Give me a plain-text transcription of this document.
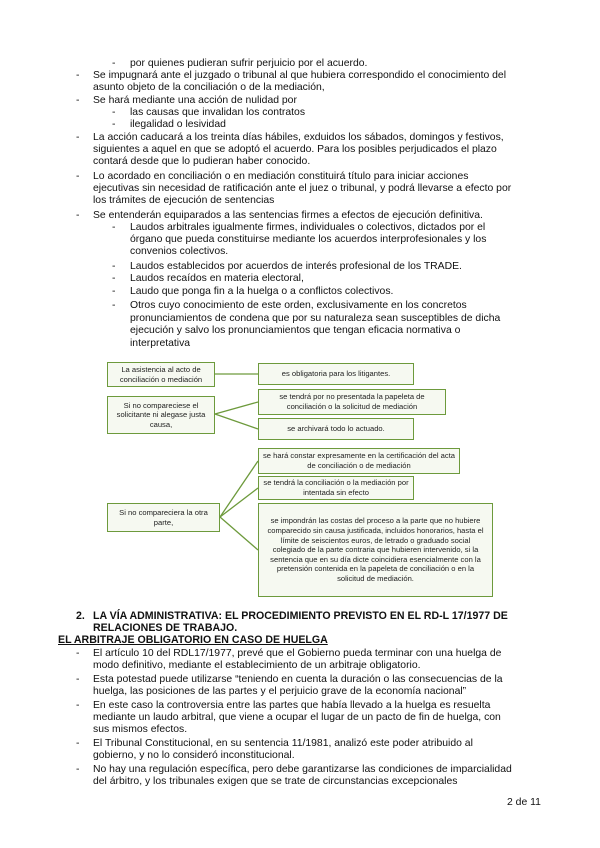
- por quienes pudieran sufrir perjuicio por el acuerdo.
- Se impugnará ante el juzgado o tribunal al que hubiera correspondido el conocimiento del
asunto objeto de la conciliación o de la mediación,
- Se hará mediante una acción de nulidad por
- las causas que invalidan los contratos
- ilegalidad o lesividad
- La acción caducará a los treinta días hábiles, exduidos los sábados, domingos y festivos,
siguientes a aquel en que se adoptó el acuerdo. Para los posibles perjudicados el plazo
contará desde que lo pudieran haber conocido.
- Lo acordado en conciliación o en mediación constituirá título para iniciar acciones
ejecutivas sin necesidad de ratificación ante el juez o tribunal, y podrá llevarse a efecto por
los trámites de ejecución de sentencias
- Se entenderán equiparados a las sentencias firmes a efectos de ejecución definitiva.
- Laudos arbitrales igualmente firmes, individuales o colectivos, dictados por el
órgano que pueda constituirse mediante los acuerdos interprofesionales y los
convenios colectivos.
- Laudos establecidos por acuerdos de interés profesional de los TRADE.
- Laudos recaídos en materia electoral,
- Laudo que ponga fin a la huelga o a conflictos colectivos.
- Otros cuyo conocimiento de este orden, exclusivamente en los concretos
pronunciamientos de condena que por su naturaleza sean susceptibles de dicha
ejecución y salvo los pronunciamientos que tengan eficacia normativa o
interpretativa
La asistencia al acto de conciliación o mediación
es obligatoria para los litigantes.
Si no compareciese el solicitante ni alegase justa causa,
se tendrá por no presentada la papeleta de conciliación o la solicitud de mediación
se archivará todo lo actuado.
Si no compareciera la otra parte,
se hará constar expresamente en la certificación del acta de conciliación o de mediación
se tendrá la conciliación o la mediación por intentada sin efecto
se impondrán las costas del proceso a la parte que no hubiere comparecido sin causa justificada, incluidos honorarios, hasta el límite de seiscientos euros, de letrado o graduado social colegiado de la parte contraria que hubieren intervenido, si la sentencia que en su día dicte coincidiera esencialmente con la pretensión contenida en la papeleta de conciliación o en la solicitud de mediación.
2. LA VÍA ADMINISTRATIVA: EL PROCEDIMIENTO PREVISTO EN EL RD-L 17/1977 DE
RELACIONES DE TRABAJO.
EL ARBITRAJE OBLIGATORIO EN CASO DE HUELGA
- El artículo 10 del RDL17/1977, prevé que el Gobierno pueda terminar con una huelga de
modo definitivo, mediante el establecimiento de un arbitraje obligatorio.
- Esta potestad puede utilizarse “teniendo en cuenta la duración o las consecuencias de la
huelga, las posiciones de las partes y el perjuicio grave de la economía nacional”
- En este caso la controversia entre las partes que había llevado a la huelga es resuelta
mediante un laudo arbitral, que viene a ocupar el lugar de un pacto de fin de huelga, con
sus mismos efectos.
- El Tribunal Constitucional, en su sentencia 11/1981, analizó este poder atribuido al
gobierno, y no lo consideró inconstitucional.
- No hay una regulación específica, pero debe garantizarse las condiciones de imparcialidad
del árbitro, y los tribunales exigen que se trate de circunstancias excepcionales
2 de 11
